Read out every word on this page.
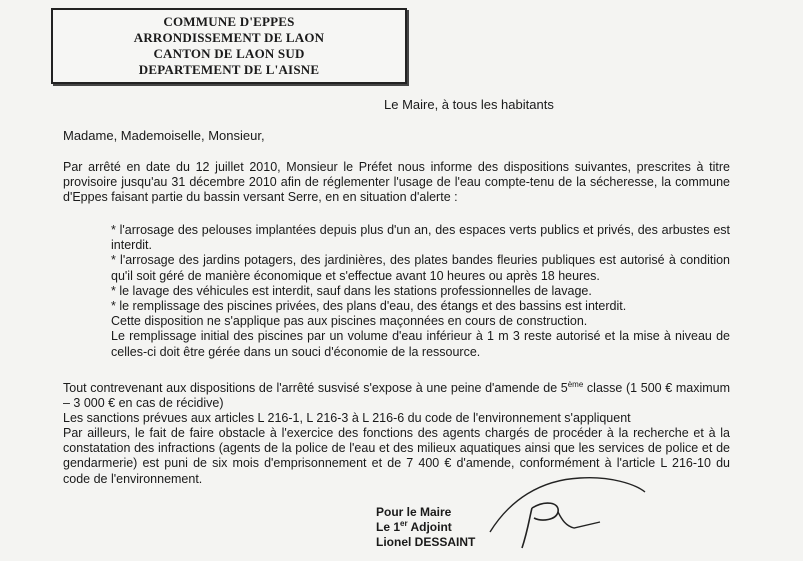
COMMUNE D'EPPES
ARRONDISSEMENT DE LAON
CANTON DE LAON SUD
DEPARTEMENT DE L'AISNE
Le Maire, à tous les habitants
Madame, Mademoiselle, Monsieur,

Par arrêté en date du 12 juillet 2010, Monsieur le Préfet nous informe des dispositions suivantes, prescrites à titre provisoire jusqu'au 31 décembre 2010 afin de réglementer l'usage de l'eau compte-tenu de la sécheresse, la commune d'Eppes faisant partie du bassin versant Serre, en en situation d'alerte :

* l'arrosage des pelouses implantées depuis plus d'un an, des espaces verts publics et privés, des arbustes est interdit.
* l'arrosage des jardins potagers, des jardinières, des plates bandes fleuries publiques est autorisé à condition qu'il soit géré de manière économique et s'effectue avant 10 heures ou après 18 heures.
* le lavage des véhicules est interdit, sauf dans les stations professionnelles de lavage.
* le remplissage des piscines privées, des plans d'eau, des étangs et des bassins est interdit.
Cette disposition ne s'applique pas aux piscines maçonnées en cours de construction.
Le remplissage initial des piscines par un volume d'eau inférieur à 1 m 3 reste autorisé et la mise à niveau de celles-ci doit être gérée dans un souci d'économie de la ressource.

Tout contrevenant aux dispositions de l'arrêté susvisé s'expose à une peine d'amende de 5ème classe (1 500 € maximum – 3 000 € en cas de récidive)

Les sanctions prévues aux articles L 216-1, L 216-3 à L 216-6 du code de l'environnement s'appliquent

Par ailleurs, le fait de faire obstacle à l'exercice des fonctions des agents chargés de procéder à la recherche et à la constatation des infractions (agents de la police de l'eau et des milieux aquatiques ainsi que les services de police et de gendarmerie) est puni de six mois d'emprisonnement et de 7 400 € d'amende, conformément à l'article L 216-10 du code de l'environnement.

Pour le Maire
Le 1er Adjoint
Lionel DESSAINT
